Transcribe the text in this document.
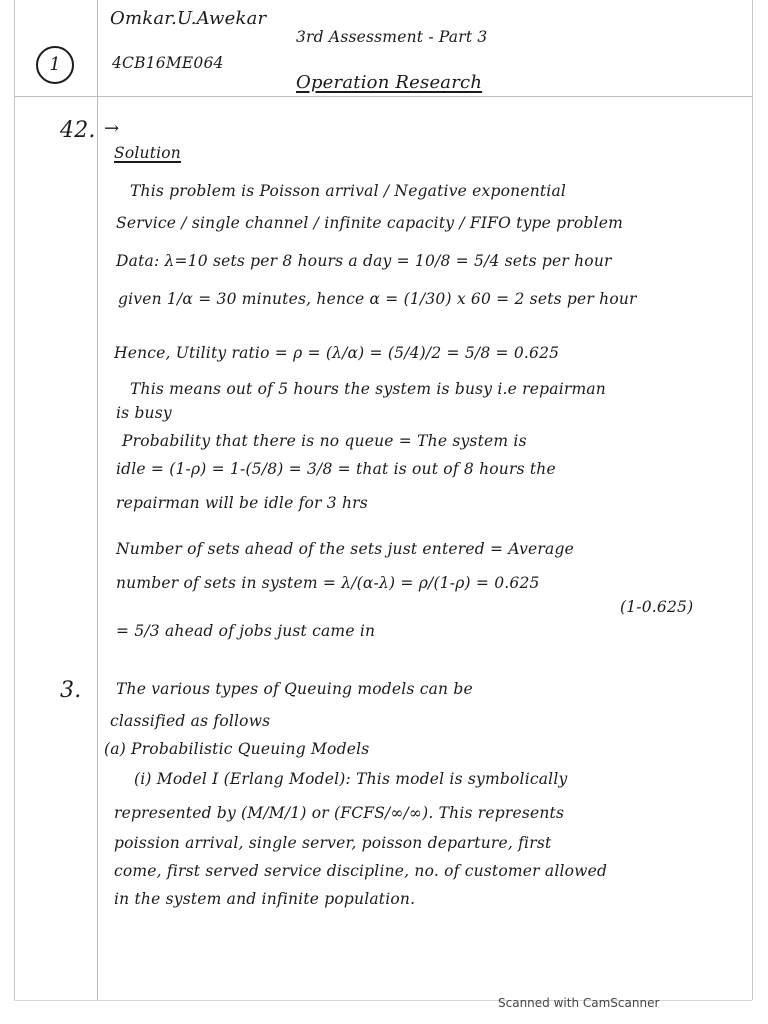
1
Omkar.U.Awekar
4CB16ME064
3rd Assessment - Part 3
Operation Research
42. →
Solution
This problem is Poisson arrival / Negative exponential
Service / single channel / infinite capacity / FIFO type problem
Data: λ=10 sets per 8 hours a day = 10/8 = 5/4 sets per hour
given 1/α = 30 minutes, hence α = (1/30) x 60 = 2 sets per hour
Hence, Utility ratio = ρ = (λ/α) = (5/4)/2 = 5/8 = 0.625
This means out of 5 hours the system is busy i.e repairman
is busy
Probability that there is no queue = The system is
idle = (1-ρ) = 1-(5/8) = 3/8 = that is out of 8 hours the
repairman will be idle for 3 hrs
Number of sets ahead of the sets just entered = Average
number of sets in system = λ/(α-λ) = ρ/(1-ρ) = 0.625
(1-0.625)
= 5/3 ahead of jobs just came in
3. The various types of Queuing models can be
classified as follows
(a) Probabilistic Queuing Models
(i) Model I (Erlang Model): This model is symbolically
represented by (M/M/1) or (FCFS/∞/∞). This represents
poission arrival, single server, poisson departure, first
come, first served service discipline, no. of customer allowed
in the system and infinite population.
Scanned with CamScanner
